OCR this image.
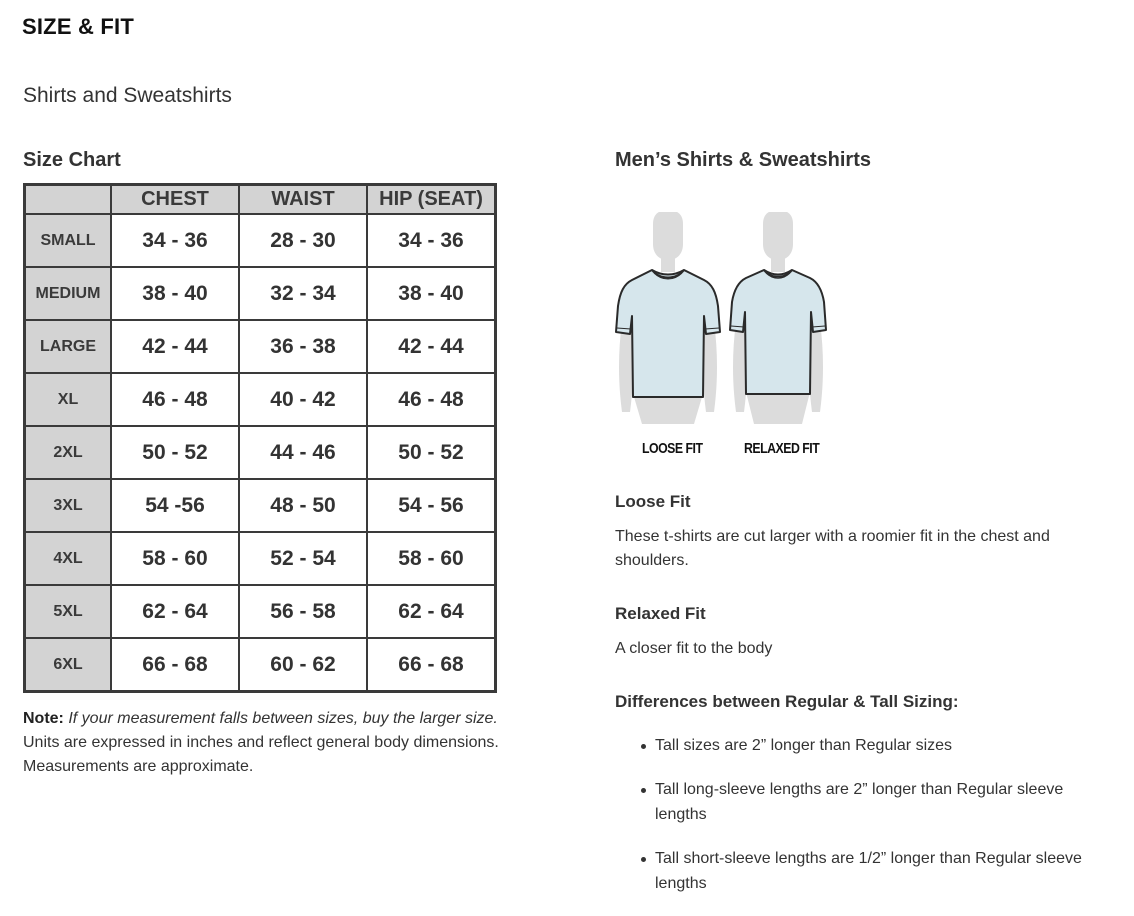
SIZE & FIT
Shirts and Sweatshirts
Size Chart
	CHEST	WAIST	HIP (SEAT)
SMALL	34 - 36	28 - 30	34 - 36
MEDIUM	38 - 40	32 - 34	38 - 40
LARGE	42 - 44	36 - 38	42 - 44
XL	46 - 48	40 - 42	46 - 48
2XL	50 - 52	44 - 46	50 - 52
3XL	54 -56	48 - 50	54 - 56
4XL	58 - 60	52 - 54	58 - 60
5XL	62 - 64	56 - 58	62 - 64
6XL	66 - 68	60 - 62	66 - 68

Note: If your measurement falls between sizes, buy the larger size.
Units are expressed in inches and reflect general body dimensions.
Measurements are approximate.

Men’s Shirts & Sweatshirts
LOOSE FIT	RELAXED FIT
Loose Fit

These t-shirts are cut larger with a roomier fit in the chest and shoulders.

Relaxed Fit

A closer fit to the body

Differences between Regular & Tall Sizing:
Tall sizes are 2” longer than Regular sizes
Tall long-sleeve lengths are 2” longer than Regular sleeve lengths
Tall short-sleeve lengths are 1/2” longer than Regular sleeve lengths
